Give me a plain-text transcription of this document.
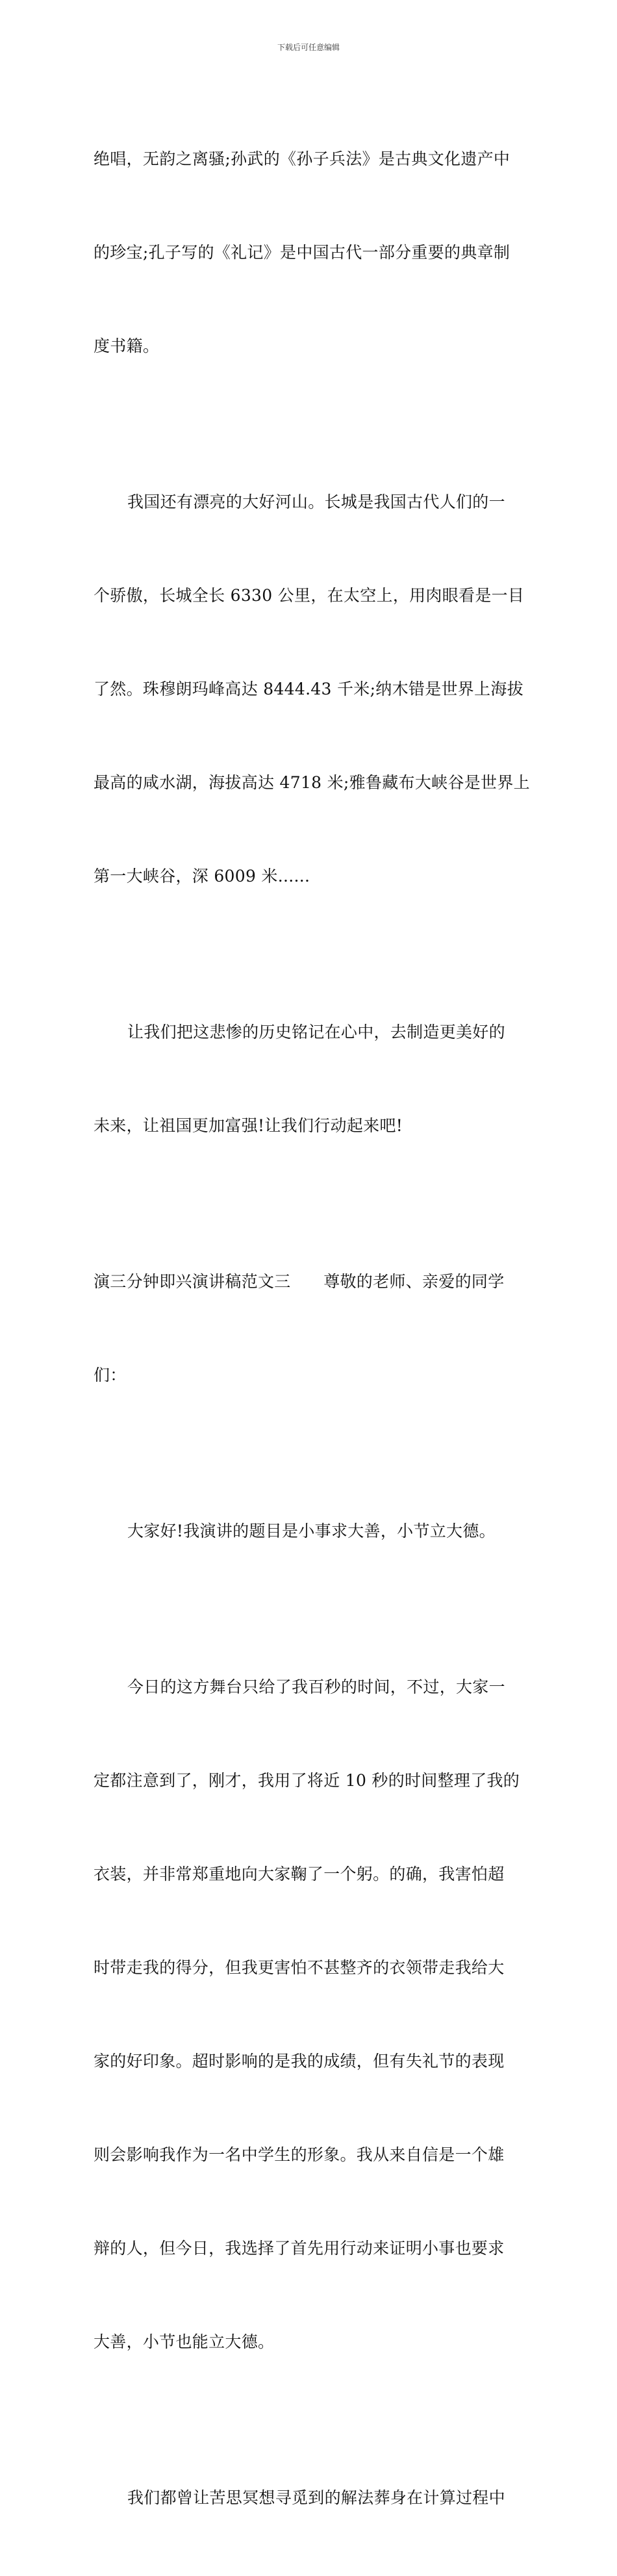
下载后可任意编辑

绝唱，无韵之离骚;孙武的《孙子兵法》是古典文化遗产中

的珍宝;孔子写的《礼记》是中国古代一部分重要的典章制

度书籍。

我国还有漂亮的大好河山。长城是我国古代人们的一

个骄傲，长城全长 6330 公里，在太空上，用肉眼看是一目

了然。珠穆朗玛峰高达 8444.43 千米;纳木错是世界上海拔

最高的咸水湖，海拔高达 4718 米;雅鲁藏布大峡谷是世界上

第一大峡谷，深 6009 米......

让我们把这悲惨的历史铭记在心中，去制造更美好的

未来，让祖国更加富强!让我们行动起来吧!

演三分钟即兴演讲稿范文三　　尊敬的老师、亲爱的同学

们：

大家好!我演讲的题目是小事求大善，小节立大德。

今日的这方舞台只给了我百秒的时间，不过，大家一

定都注意到了，刚才，我用了将近 10 秒的时间整理了我的

衣装，并非常郑重地向大家鞠了一个躬。的确，我害怕超

时带走我的得分，但我更害怕不甚整齐的衣领带走我给大

家的好印象。超时影响的是我的成绩，但有失礼节的表现

则会影响我作为一名中学生的形象。我从来自信是一个雄

辩的人，但今日，我选择了首先用行动来证明小事也要求

大善，小节也能立大德。

我们都曾让苦思冥想寻觅到的解法葬身在计算过程中
